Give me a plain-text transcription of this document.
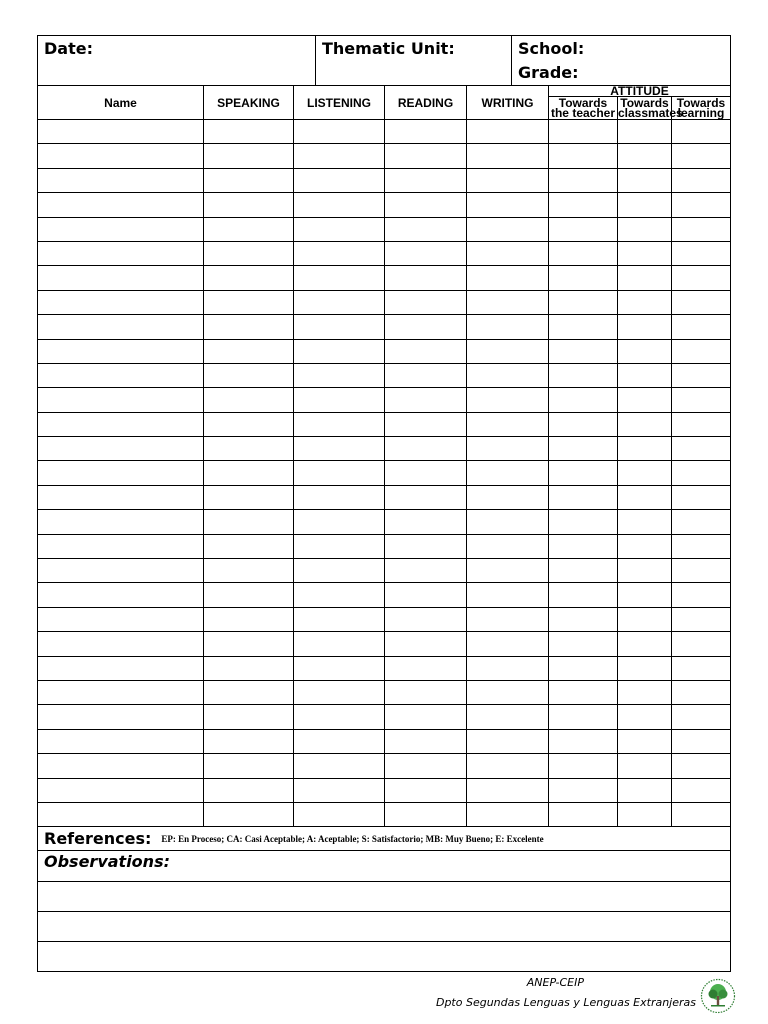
Date:	Thematic Unit:	School:
Grade:
Name	SPEAKING	LISTENING	READING	WRITING	ATTITUDE		
					Towards the teacher	Towards classmates	Towards learning

References: EP: En Proceso; CA: Casi Aceptable; A: Aceptable; S: Satisfactorio; MB: Muy Bueno; E: Excelente
Observations:
ANEP-CEIP
Dpto Segundas Lenguas y Lenguas Extranjeras
